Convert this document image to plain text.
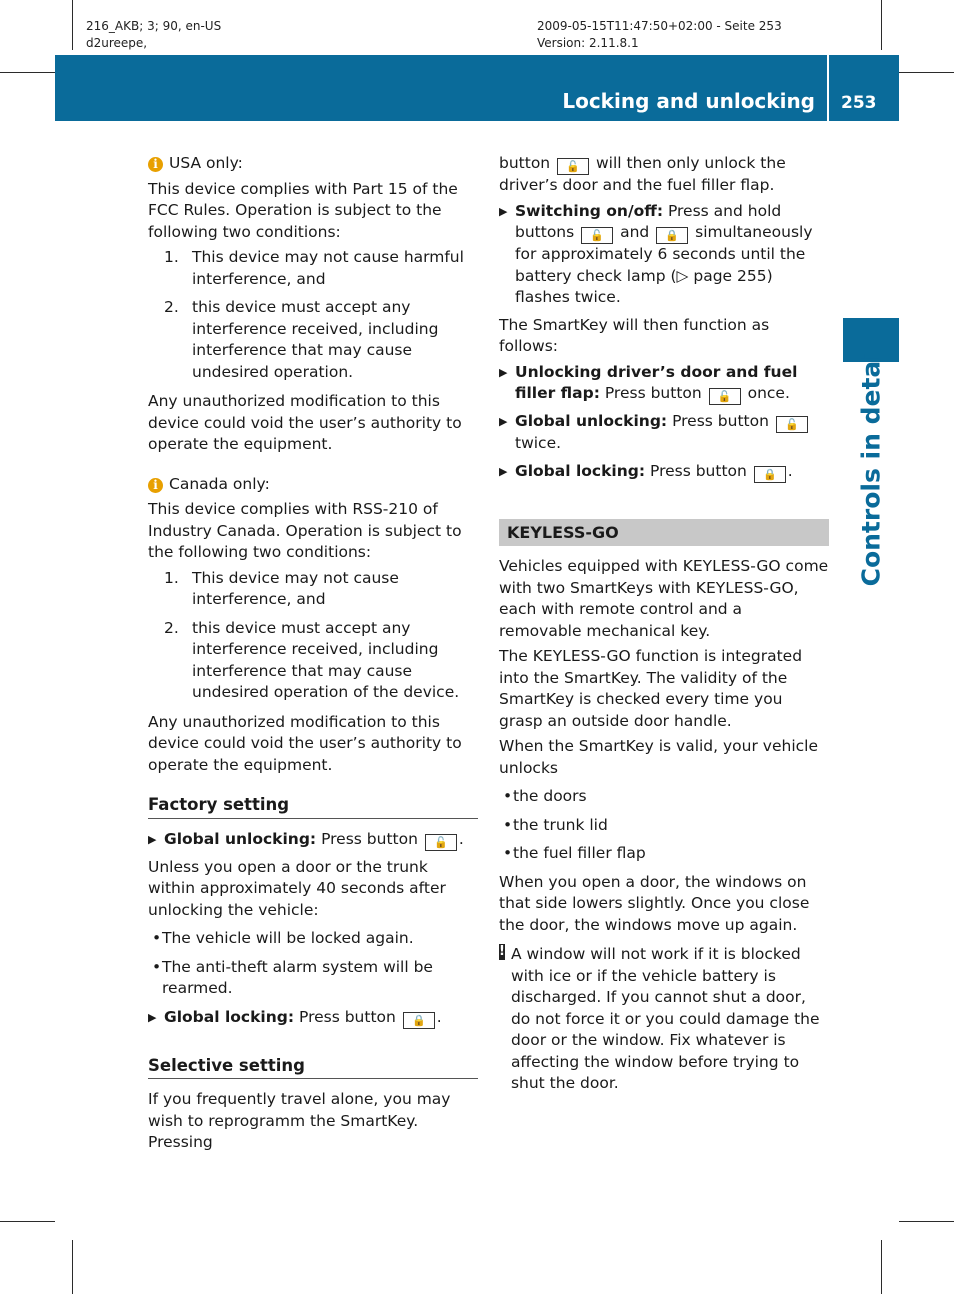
216_AKB; 3; 90, en-US
d2ureepe,
2009-05-15T11:47:50+02:00 - Seite 253
Version: 2.11.8.1
Locking and unlocking 253
Controls in detail

i USA only:

This device complies with Part 15 of the FCC Rules. Operation is subject to the following two conditions:

1. This device may not cause harmful interference, and
2. this device must accept any interference received, including interference that may cause undesired operation.

Any unauthorized modification to this device could void the user’s authority to operate the equipment.

i Canada only:

This device complies with RSS-210 of Industry Canada. Operation is subject to the following two conditions:

1. This device may not cause interference, and
2. this device must accept any interference received, including interference that may cause undesired operation of the device.

Any unauthorized modification to this device could void the user’s authority to operate the equipment.

Factory setting
▶ Global unlocking: Press button 🔓 .

Unless you open a door or the trunk within approximately 40 seconds after unlocking the vehicle:

• The vehicle will be locked again.
• The anti-theft alarm system will be rearmed.
▶ Global locking: Press button 🔒 .
Selective setting

If you frequently travel alone, you may wish to reprogramm the SmartKey. Pressing

button 🔓 will then only unlock the driver’s door and the fuel filler flap.

▶ Switching on/off: Press and hold buttons 🔓 and 🔒 simultaneously for approximately 6 seconds until the battery check lamp (▷ page 255) flashes twice.

The SmartKey will then function as follows:

▶ Unlocking driver’s door and fuel filler flap: Press button 🔓 once.
▶ Global unlocking: Press button 🔓 twice.
▶ Global locking: Press button 🔒 .
KEYLESS-GO

Vehicles equipped with KEYLESS-GO come with two SmartKeys with KEYLESS-GO, each with remote control and a removable mechanical key.

The KEYLESS-GO function is integrated into the SmartKey. The validity of the SmartKey is checked every time you grasp an outside door handle.

When the SmartKey is valid, your vehicle unlocks

• the doors
• the trunk lid
• the fuel filler flap

When you open a door, the windows on that side lowers slightly. Once you close the door, the windows move up again.

! A window will not work if it is blocked with ice or if the vehicle battery is discharged. If you cannot shut a door, do not force it or you could damage the door or the window. Fix whatever is affecting the window before trying to shut the door.
